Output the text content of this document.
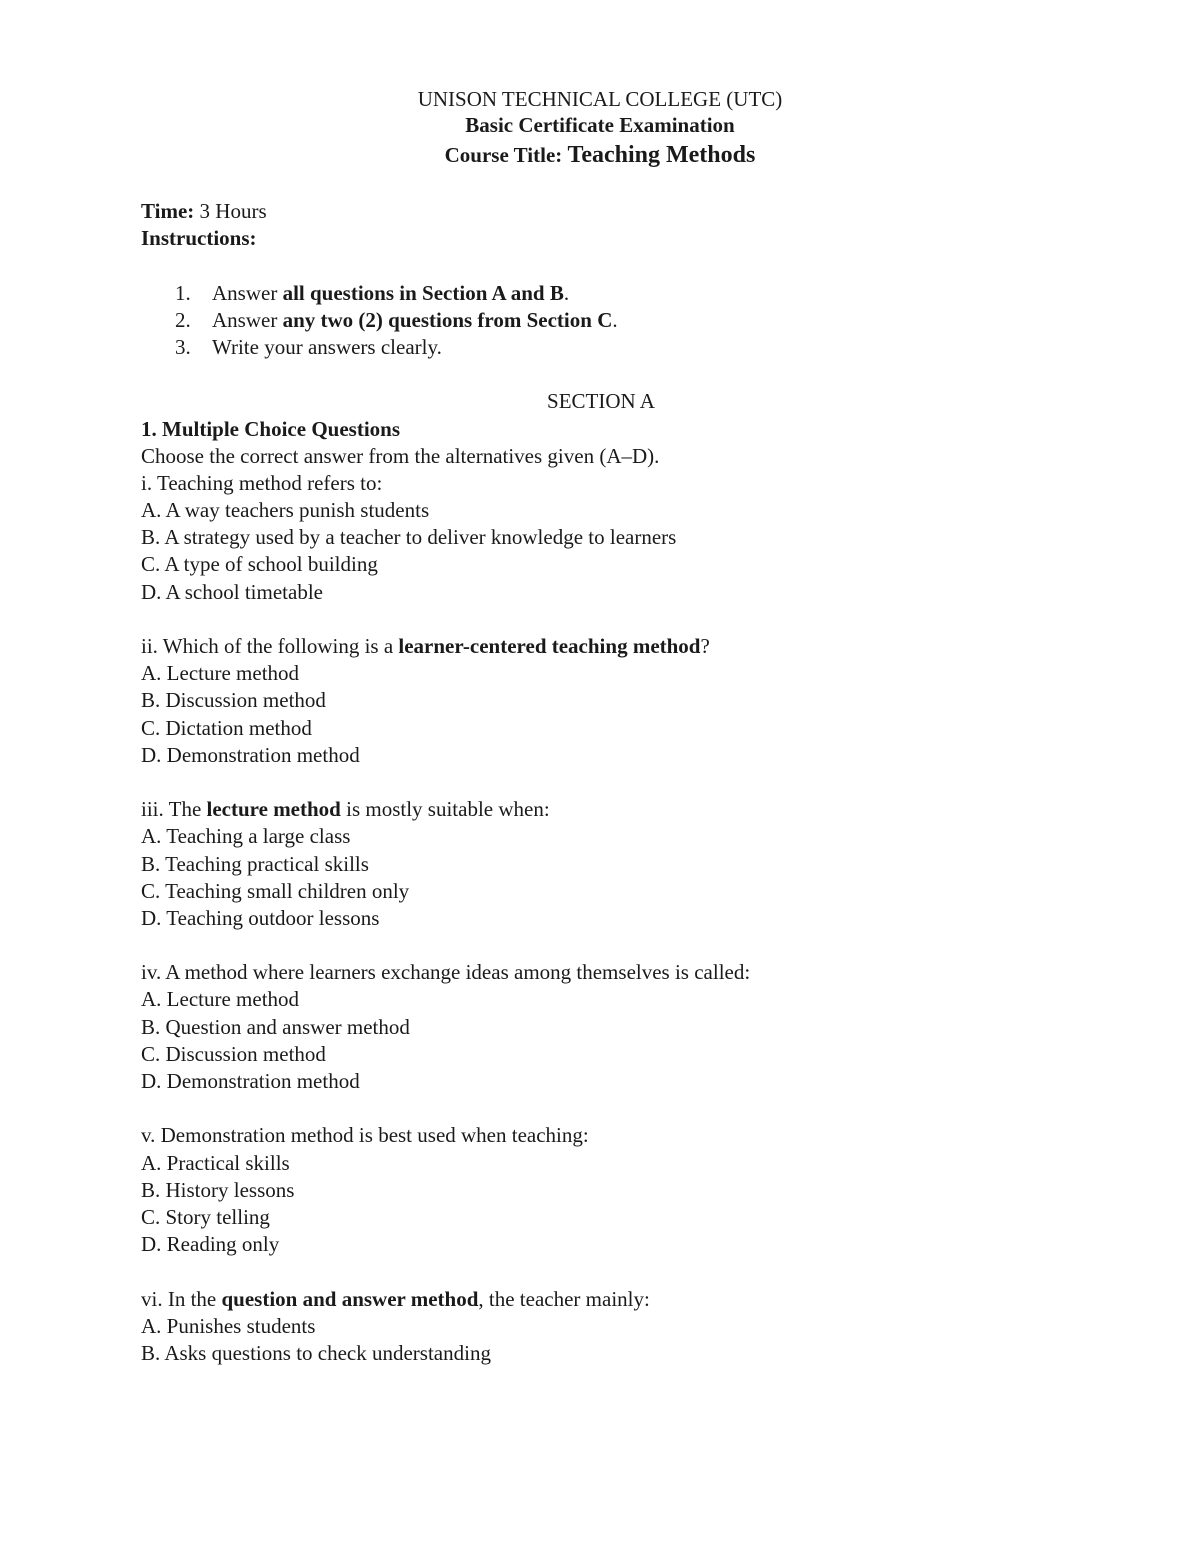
UNISON TECHNICAL COLLEGE (UTC)
Basic Certificate Examination
Course Title: Teaching Methods
Time: 3 Hours
Instructions:
1. Answer all questions in Section A and B.
2. Answer any two (2) questions from Section C.
3. Write your answers clearly.
SECTION A
1. Multiple Choice Questions
Choose the correct answer from the alternatives given (A–D).
i. Teaching method refers to:
A. A way teachers punish students
B. A strategy used by a teacher to deliver knowledge to learners
C. A type of school building
D. A school timetable
ii. Which of the following is a learner-centered teaching method?
A. Lecture method
B. Discussion method
C. Dictation method
D. Demonstration method
iii. The lecture method is mostly suitable when:
A. Teaching a large class
B. Teaching practical skills
C. Teaching small children only
D. Teaching outdoor lessons
iv. A method where learners exchange ideas among themselves is called:
A. Lecture method
B. Question and answer method
C. Discussion method
D. Demonstration method
v. Demonstration method is best used when teaching:
A. Practical skills
B. History lessons
C. Story telling
D. Reading only
vi. In the question and answer method, the teacher mainly:
A. Punishes students
B. Asks questions to check understanding
